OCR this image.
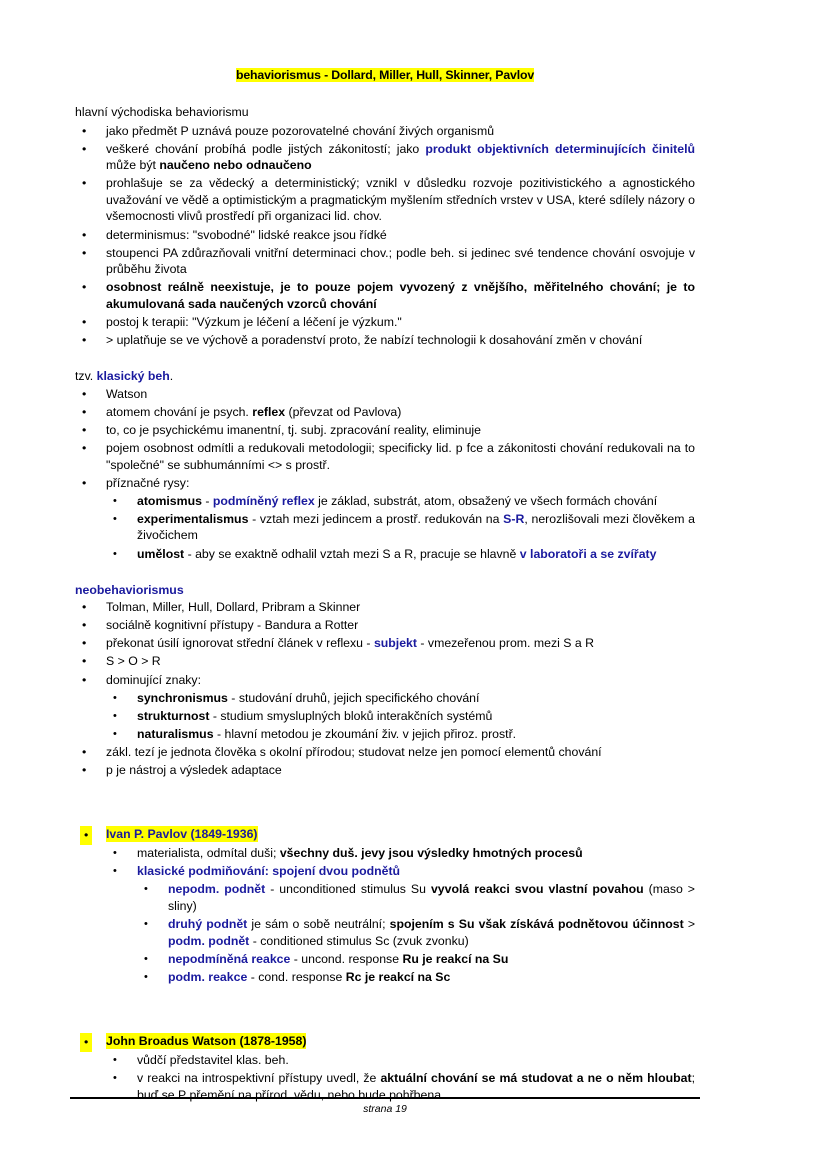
behaviorismus - Dollard, Miller, Hull, Skinner, Pavlov
hlavní východiska behaviorismu
• jako předmět P uznává pouze pozorovatelné chování živých organismů
• veškeré chování probíhá podle jistých zákonitostí; jako produkt objektivních determinujících činitelů může být naučeno nebo odnaučeno
• prohlašuje se za vědecký a deterministický; vznikl v důsledku rozvoje pozitivistického a agnostického uvažování ve vědě a optimistickým a pragmatickým myšlením středních vrstev v USA, které sdílely názory o všemocnosti vlivů prostředí při organizaci lid. chov.
• determinismus: "svobodné" lidské reakce jsou řídké
• stoupenci PA zdůrazňovali vnitřní determinaci chov.; podle beh. si jedinec své tendence chování osvojuje v průběhu života
• osobnost reálně neexistuje, je to pouze pojem vyvozený z vnějšího, měřitelného chování; je to akumulovaná sada naučených vzorců chování
• postoj k terapii: "Výzkum je léčení a léčení je výzkum."
• > uplatňuje se ve výchově a poradenství proto, že nabízí technologii k dosahování změn v chování
tzv. klasický beh.
• Watson
• atomem chování je psych. reflex (převzat od Pavlova)
• to, co je psychickému imanentní, tj. subj. zpracování reality, eliminuje
• pojem osobnost odmítli a redukovali metodologii; specificky lid. p fce a zákonitosti chování redukovali na to "společné" se subhumánními <> s prostř.
• příznačné rysy:
• atomismus - podmíněný reflex je základ, substrát, atom, obsažený ve všech formách chování
• experimentalismus - vztah mezi jedincem a prostř. redukován na S-R, nerozlišovali mezi člověkem a živočichem
• umělost - aby se exaktně odhalil vztah mezi S a R, pracuje se hlavně v laboratoři a se zvířaty
neobehaviorismus
• Tolman, Miller, Hull, Dollard, Pribram a Skinner
• sociálně kognitivní přístupy - Bandura a Rotter
• překonat úsilí ignorovat střední článek v reflexu - subjekt - vmezeřenou prom. mezi S a R
• S > O > R
• dominující znaky:
• synchronismus - studování druhů, jejich specifického chování
• strukturnost - studium smysluplných bloků interakčních systémů
• naturalismus - hlavní metodou je zkoumání živ. v jejich přiroz. prostř.
• zákl. tezí je jednota člověka s okolní přírodou; studovat nelze jen pomocí elementů chování
• p je nástroj a výsledek adaptace
•	Ivan P. Pavlov (1849-1936)
• materialista, odmítal duši; všechny duš. jevy jsou výsledky hmotných procesů
• klasické podmiňování: spojení dvou podnětů
• nepodm. podnět - unconditioned stimulus Su vyvolá reakci svou vlastní povahou (maso > sliny)
• druhý podnět je sám o sobě neutrální; spojením s Su však získává podnětovou účinnost > podm. podnět - conditioned stimulus Sc (zvuk zvonku)
• nepodmíněná reakce - uncond. response Ru je reakcí na Su
• podm. reakce - cond. response Rc je reakcí na Sc
•	John Broadus Watson (1878-1958)
• vůdčí představitel klas. beh.
• v reakci na introspektivní přístupy uvedl, že aktuální chování se má studovat a ne o něm hloubat; buď se P přemění na přírod. vědu, nebo bude pohřbena
strana 19
